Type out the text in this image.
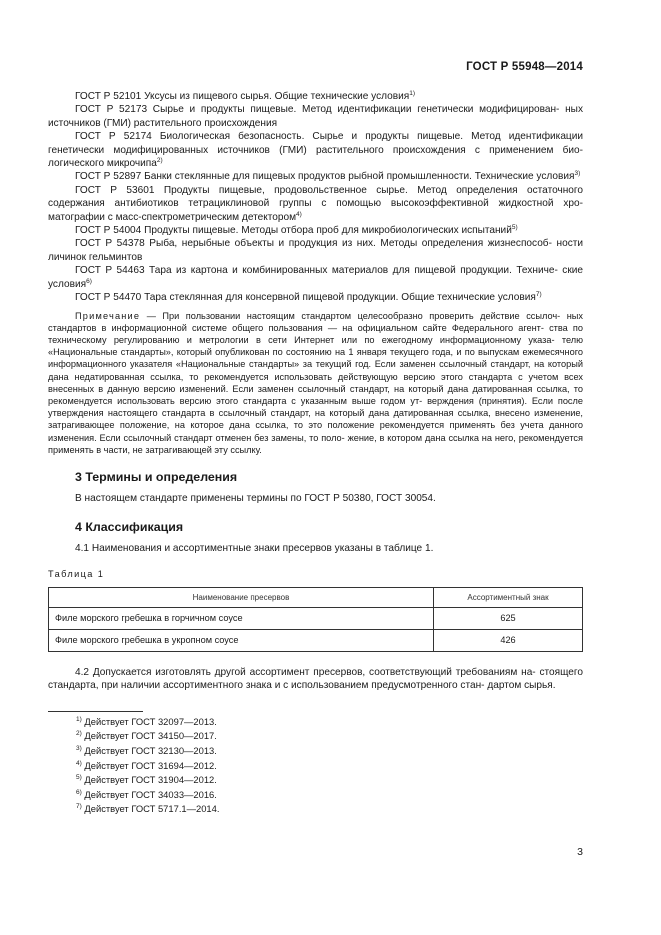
ГОСТ Р 55948—2014

ГОСТ Р 52101 Уксусы из пищевого сырья. Общие технические условия$^{1)}$

ГОСТ Р 52173 Сырье и продукты пищевые. Метод идентификации генетически модифицирован- ных источников (ГМИ) растительного происхождения

ГОСТ Р 52174 Биологическая безопасность. Сырье и продукты пищевые. Метод идентификации генетически модифицированных источников (ГМИ) растительного происхождения с применением био- логического микрочипа$^{2)}$

ГОСТ Р 52897 Банки стеклянные для пищевых продуктов рыбной промышленности. Технические условия$^{3)}$

ГОСТ Р 53601 Продукты пищевые, продовольственное сырье. Метод определения остаточного содержания антибиотиков тетрациклиновой группы с помощью высокоэффективной жидкостной хро- матографии с масс-спектрометрическим детектором$^{4)}$

ГОСТ Р 54004 Продукты пищевые. Методы отбора проб для микробиологических испытаний$^{5)}$

ГОСТ Р 54378 Рыба, нерыбные объекты и продукция из них. Методы определения жизнеспособ- ности личинок гельминтов

ГОСТ Р 54463 Тара из картона и комбинированных материалов для пищевой продукции. Техниче- ские условия$^{6)}$

ГОСТ Р 54470 Тара стеклянная для консервной пищевой продукции. Общие технические условия$^{7)}$

Примечание — При пользовании настоящим стандартом целесообразно проверить действие ссылоч- ных стандартов в информационной системе общего пользования — на официальном сайте Федерального агент- ства по техническому регулированию и метрологии в сети Интернет или по ежегодному информационному указа- телю «Национальные стандарты», который опубликован по состоянию на 1 января текущего года, и по выпускам ежемесячного информационного указателя «Национальные стандарты» за текущий год. Если заменен ссылочный стандарт, на который дана недатированная ссылка, то рекомендуется использовать действующую версию этого стандарта с учетом всех внесенных в данную версию изменений. Если заменен ссылочный стандарт, на который дана датированная ссылка, то рекомендуется использовать версию этого стандарта с указанным выше годом ут- верждения (принятия). Если после утверждения настоящего стандарта в ссылочный стандарт, на который дана датированная ссылка, внесено изменение, затрагивающее положение, на которое дана ссылка, то это положение рекомендуется применять без учета данного изменения. Если ссылочный стандарт отменен без замены, то поло- жение, в котором дана ссылка на него, рекомендуется применять в части, не затрагивающей эту ссылку.
3 Термины и определения

В настоящем стандарте применены термины по ГОСТ Р 50380, ГОСТ 30054.

4 Классификация

4.1 Наименования и ассортиментные знаки пресервов указаны в таблице 1.

Таблица 1
Наименование пресервов	Ассортиментный знак
Филе морского гребешка в горчичном соусе	625
Филе морского гребешка в укропном соусе	426

4.2 Допускается изготовлять другой ассортимент пресервов, соответствующий требованиям на- стоящего стандарта, при наличии ассортиментного знака и с использованием предусмотренного стан- дартом сырья.

$^{1)}$ Действует ГОСТ 32097—2013.
$^{2)}$ Действует ГОСТ 34150—2017.
$^{3)}$ Действует ГОСТ 32130—2013.
$^{4)}$ Действует ГОСТ 31694—2012.
$^{5)}$ Действует ГОСТ 31904—2012.
$^{6)}$ Действует ГОСТ 34033—2016.
$^{7)}$ Действует ГОСТ 5717.1—2014.
3
